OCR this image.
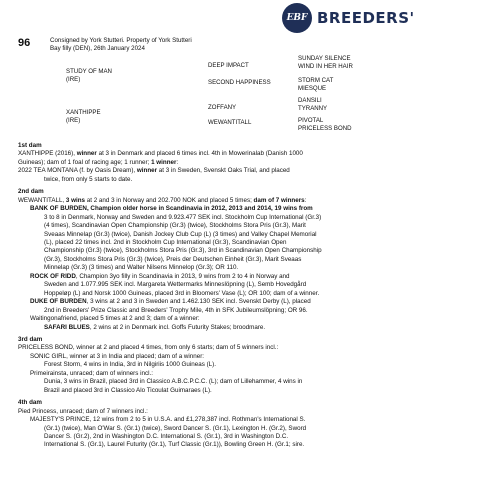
EBF BREEDERS'
96	Consigned by York Stutteri. Property of York Stutteri
Bay filly (DEN), 26th January 2024
DEEP IMPACT
SECOND HAPPINESS
STUDY OF MAN
(IRE)
SUNDAY SILENCE
WIND IN HER HAIR
STORM CAT
MIESQUE
ZOFFANY
WEWANTITALL
XANTHIPPE
(IRE)
DANSILI
TYRANNY
PIVOTAL
PRICELESS BOND

1st dam

XANTHIPPE (2016), winner at 3 in Denmark and placed 6 times incl. 4th in Mowerinalab (Danish 1000

Guineas); dam of 1 foal of racing age; 1 runner; 1 winner:

2022 TEA MONTANA (f. by Oasis Dream), winner at 3 in Sweden, Svenskt Oaks Trial, and placed

twice, from only 5 starts to date.

2nd dam

WEWANTITALL, 3 wins at 2 and 3 in Norway and 202.700 NOK and placed 5 times; dam of 7 winners:

BANK OF BURDEN, Champion older horse in Scandinavia in 2012, 2013 and 2014, 19 wins from

3 to 8 in Denmark, Norway and Sweden and 9.923.477 SEK incl. Stockholm Cup International (Gr.3)

(4 times), Scandinavian Open Championship (Gr.3) (twice), Stockholms Stora Pris (Gr.3), Marit

Sveaas Minnelap (Gr.3) (twice), Danish Jockey Club Cup (L) (3 times) and Valley Chapel Memorial

(L), placed 22 times incl. 2nd in Stockholm Cup International (Gr.3), Scandinavian Open

Championship (Gr.3) (twice), Stockholms Stora Pris (Gr.3), 3rd in Scandinavian Open Championship

(Gr.3), Stockholms Stora Pris (Gr.3) (twice), Preis der Deutschen Einheit (Gr.3), Marit Sveaas

Minnelap (Gr.3) (3 times) and Walter Nilsens Minnelop (Gr.3); OR 110.

ROCK OF RIDD, Champion 3yo filly in Scandinavia in 2013, 9 wins from 2 to 4 in Norway and

Sweden and 1.077.995 SEK incl. Margareta Wettermarks Minneslöpning (L), Semb Hovedgård

Hoppeløp (L) and Norsk 1000 Guineas, placed 3rd in Bloomers' Vase (L); OR 100; dam of a winner.

DUKE OF BURDEN, 3 wins at 2 and 3 in Sweden and 1.462.130 SEK incl. Svenskt Derby (L), placed

2nd in Breeders' Prize Classic and Breeders' Trophy Mile, 4th in SFK Jubileumslöpning; OR 96.

Waitingonafriend, placed 5 times at 2 and 3; dam of a winner:

SAFARI BLUES, 2 wins at 2 in Denmark incl. Goffs Futurity Stakes; broodmare.

3rd dam

PRICELESS BOND, winner at 2 and placed 4 times, from only 6 starts; dam of 5 winners incl.:

SONIC GIRL, winner at 3 in India and placed; dam of a winner:

Forest Storm, 4 wins in India, 3rd in Nilgiriis 1000 Guineas (L).

Primeirainsta, unraced; dam of winners incl.:

Dunia, 3 wins in Brazil, placed 3rd in Classico A.B.C.P.C.C. (L); dam of Lillehammer, 4 wins in

Brazil and placed 3rd in Classico Alo Ticoulat Guimaraes (L).

4th dam

Pied Princess, unraced; dam of 7 winners incl.:

MAJESTY'S PRINCE, 12 wins from 2 to 5 in U.S.A. and £1,278,387 incl. Rothman's International S.

(Gr.1) (twice), Man O'War S. (Gr.1) (twice), Sword Dancer S. (Gr.1), Lexington H. (Gr.2), Sword

Dancer S. (Gr.2), 2nd in Washington D.C. International S. (Gr.1), 3rd in Washington D.C.

International S. (Gr.1), Laurel Futurity (Gr.1), Turf Classic (Gr.1)), Bowling Green H. (Gr.1; sire.
